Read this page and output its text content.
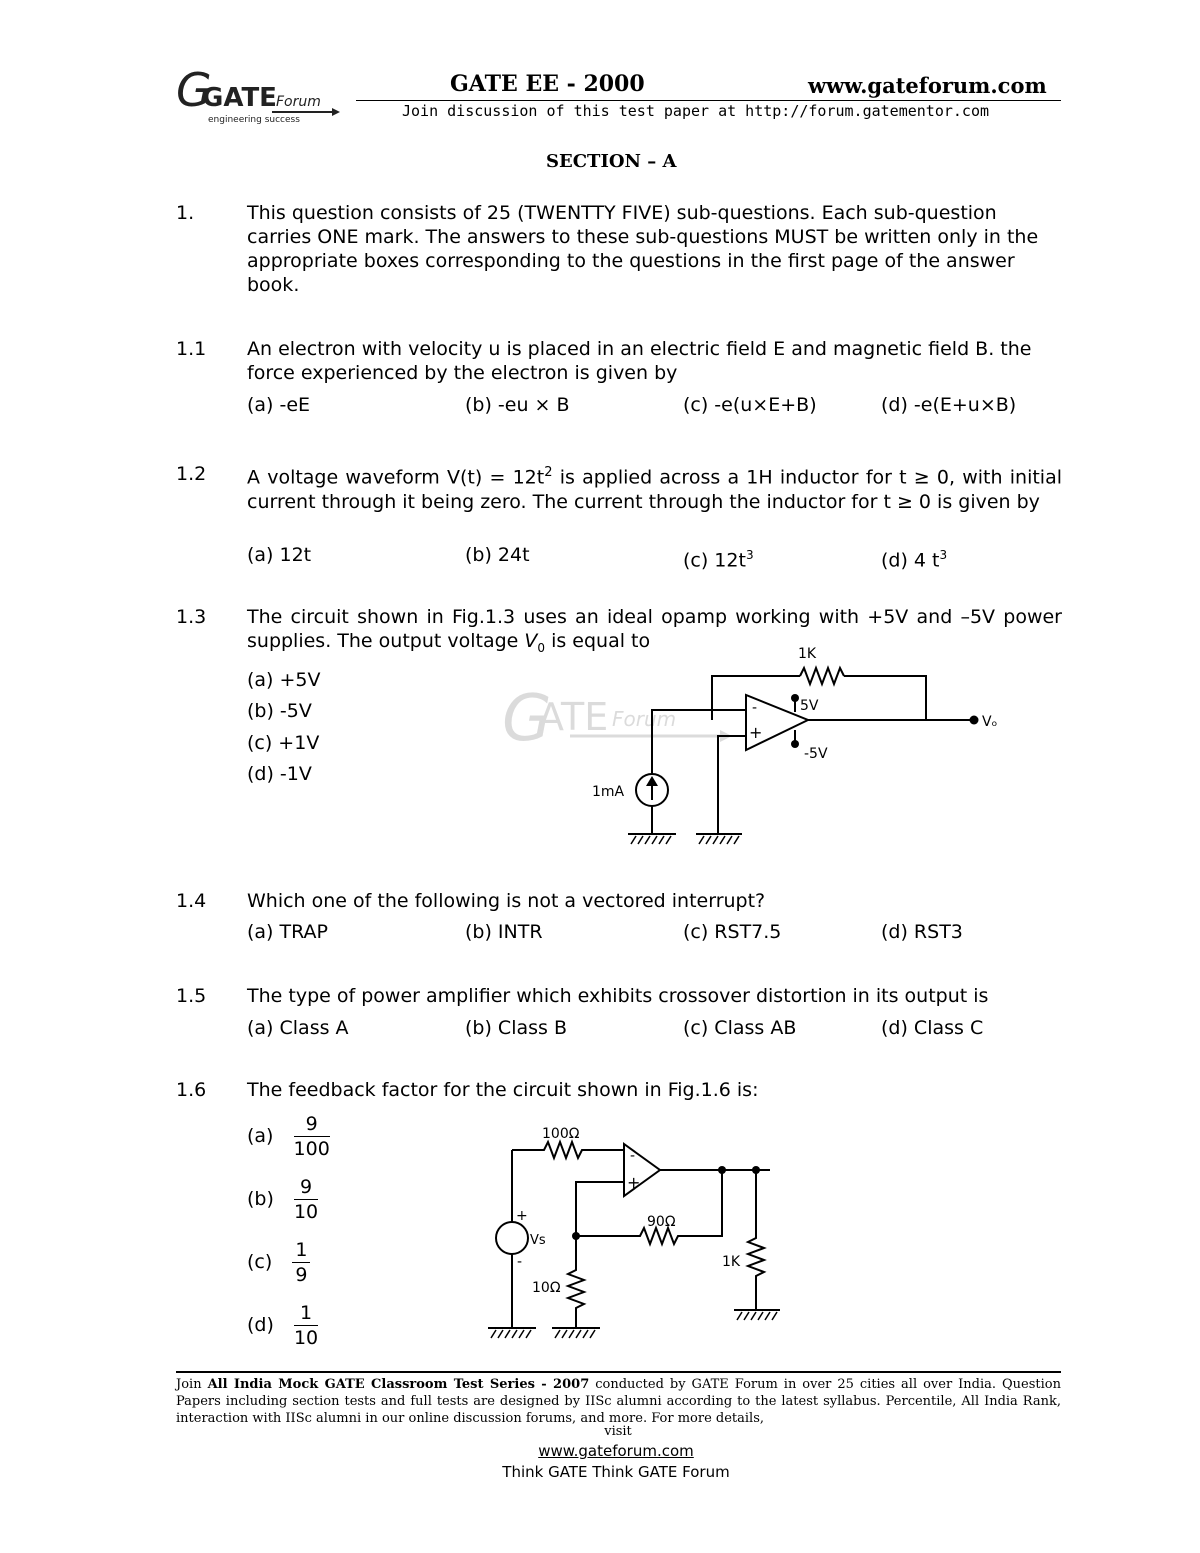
G
GATE Forum
engineering success
GATE EE - 2000	www.gateforum.com
Join discussion of this test paper at http://forum.gatementor.com
SECTION – A
1.	This question consists of 25 (TWENTTY FIVE) sub-questions. Each sub-question carries ONE mark. The answers to these sub-questions MUST be written only in the appropriate boxes corresponding to the questions in the first page of the answer book.
1.1 An electron with velocity u is placed in an electric field E and magnetic field B. the force experienced by the electron is given by
(a) -eE	(b) -eu × B	(c) -e(u×E+B)	(d) -e(E+u×B)
1.2 A voltage waveform $V(t) = 12t^2$ is applied across a 1H inductor for t ≥ 0, with initial current through it being zero. The current through the inductor for t ≥ 0 is given by
(a) 12t	(b) 24t	(c) $12t^3$	(d) 4 $t^3$
1.3 The circuit shown in Fig.1.3 uses an ideal opamp working with +5V and –5V power supplies. The output voltage $V_0$ is equal to
(a) +5V
(b) -5V
(c) +1V
(d) -1V
G
ATE Forum
1K
-
+
5V
-5V
Vₒ
1mA
1.4 Which one of the following is not a vectored interrupt?
(a) TRAP	(b) INTR	(c) RST7.5	(d) RST3
1.5 The type of power amplifier which exhibits crossover distortion in its output is
(a) Class A	(b) Class B	(c) Class AB	(d) Class C
1.6 The feedback factor for the circuit shown in Fig.1.6 is:
$(a) \frac{9}{100}$
$(b) \frac{9}{10}$
$(c) \frac{1}{9}$
$(d) \frac{1}{10}$
100Ω
-
+
90Ω
10Ω
1K
+
-
Vs
Join All India Mock GATE Classroom Test Series - 2007 conducted by GATE Forum in over 25 cities all over India. Question Papers including section tests and full tests are designed by IISc alumni according to the latest syllabus. Percentile, All India Rank, interaction with IISc alumni in our online discussion forums, and more. For more details,
visit
www.gateforum.com
Think GATE Think GATE Forum
